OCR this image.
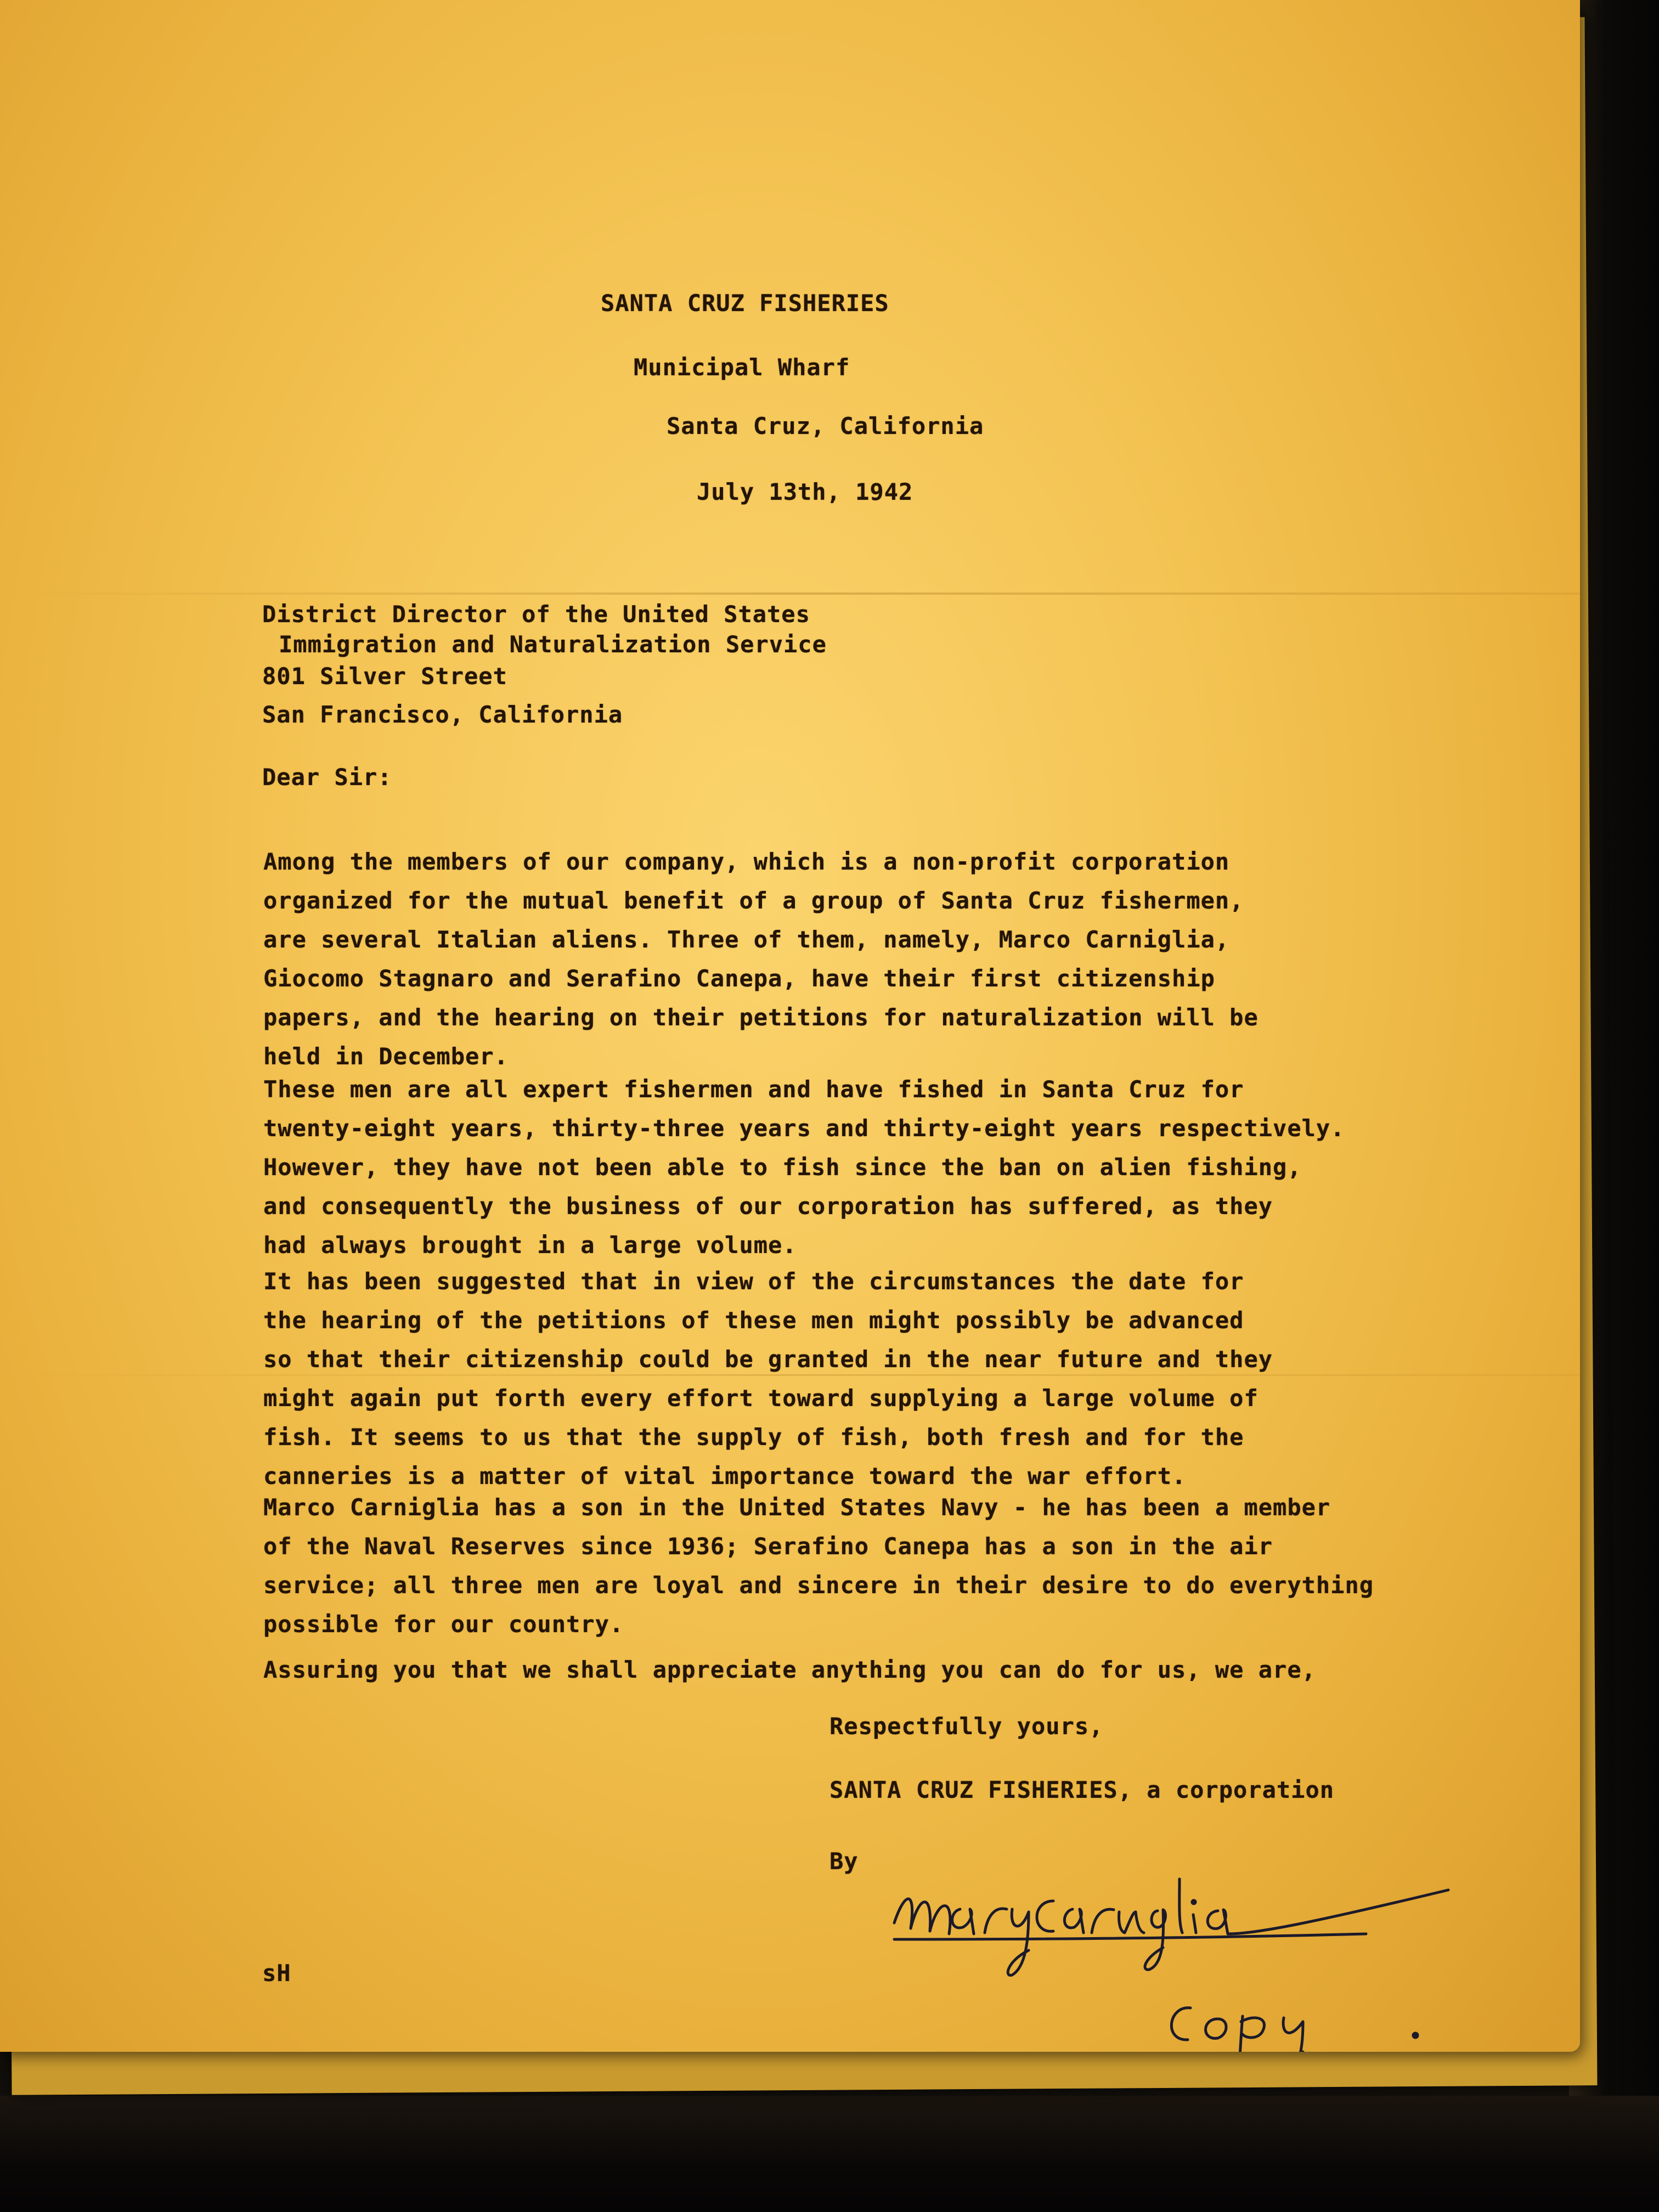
SANTA CRUZ FISHERIES
Municipal Wharf
Santa Cruz, California
July 13th, 1942
District Director of the United States
Immigration and Naturalization Service
801 Silver Street
San Francisco, California
Dear Sir:

Among the members of our company, which is a non-profit corporation
organized for the mutual benefit of a group of Santa Cruz fishermen,
are several Italian aliens. Three of them, namely, Marco Carniglia,
Giocomo Stagnaro and Serafino Canepa, have their first citizenship
papers, and the hearing on their petitions for naturalization will be
held in December.

These men are all expert fishermen and have fished in Santa Cruz for
twenty-eight years, thirty-three years and thirty-eight years respectively.
However, they have not been able to fish since the ban on alien fishing,
and consequently the business of our corporation has suffered, as they
had always brought in a large volume.

It has been suggested that in view of the circumstances the date for
the hearing of the petitions of these men might possibly be advanced
so that their citizenship could be granted in the near future and they
might again put forth every effort toward supplying a large volume of
fish. It seems to us that the supply of fish, both fresh and for the
canneries is a matter of vital importance toward the war effort.

Marco Carniglia has a son in the United States Navy - he has been a member
of the Naval Reserves since 1936; Serafino Canepa has a son in the air
service; all three men are loyal and sincere in their desire to do everything
possible for our country.

Assuring you that we shall appreciate anything you can do for us, we are,

Respectfully yours,
SANTA CRUZ FISHERIES, a corporation
By
sH
